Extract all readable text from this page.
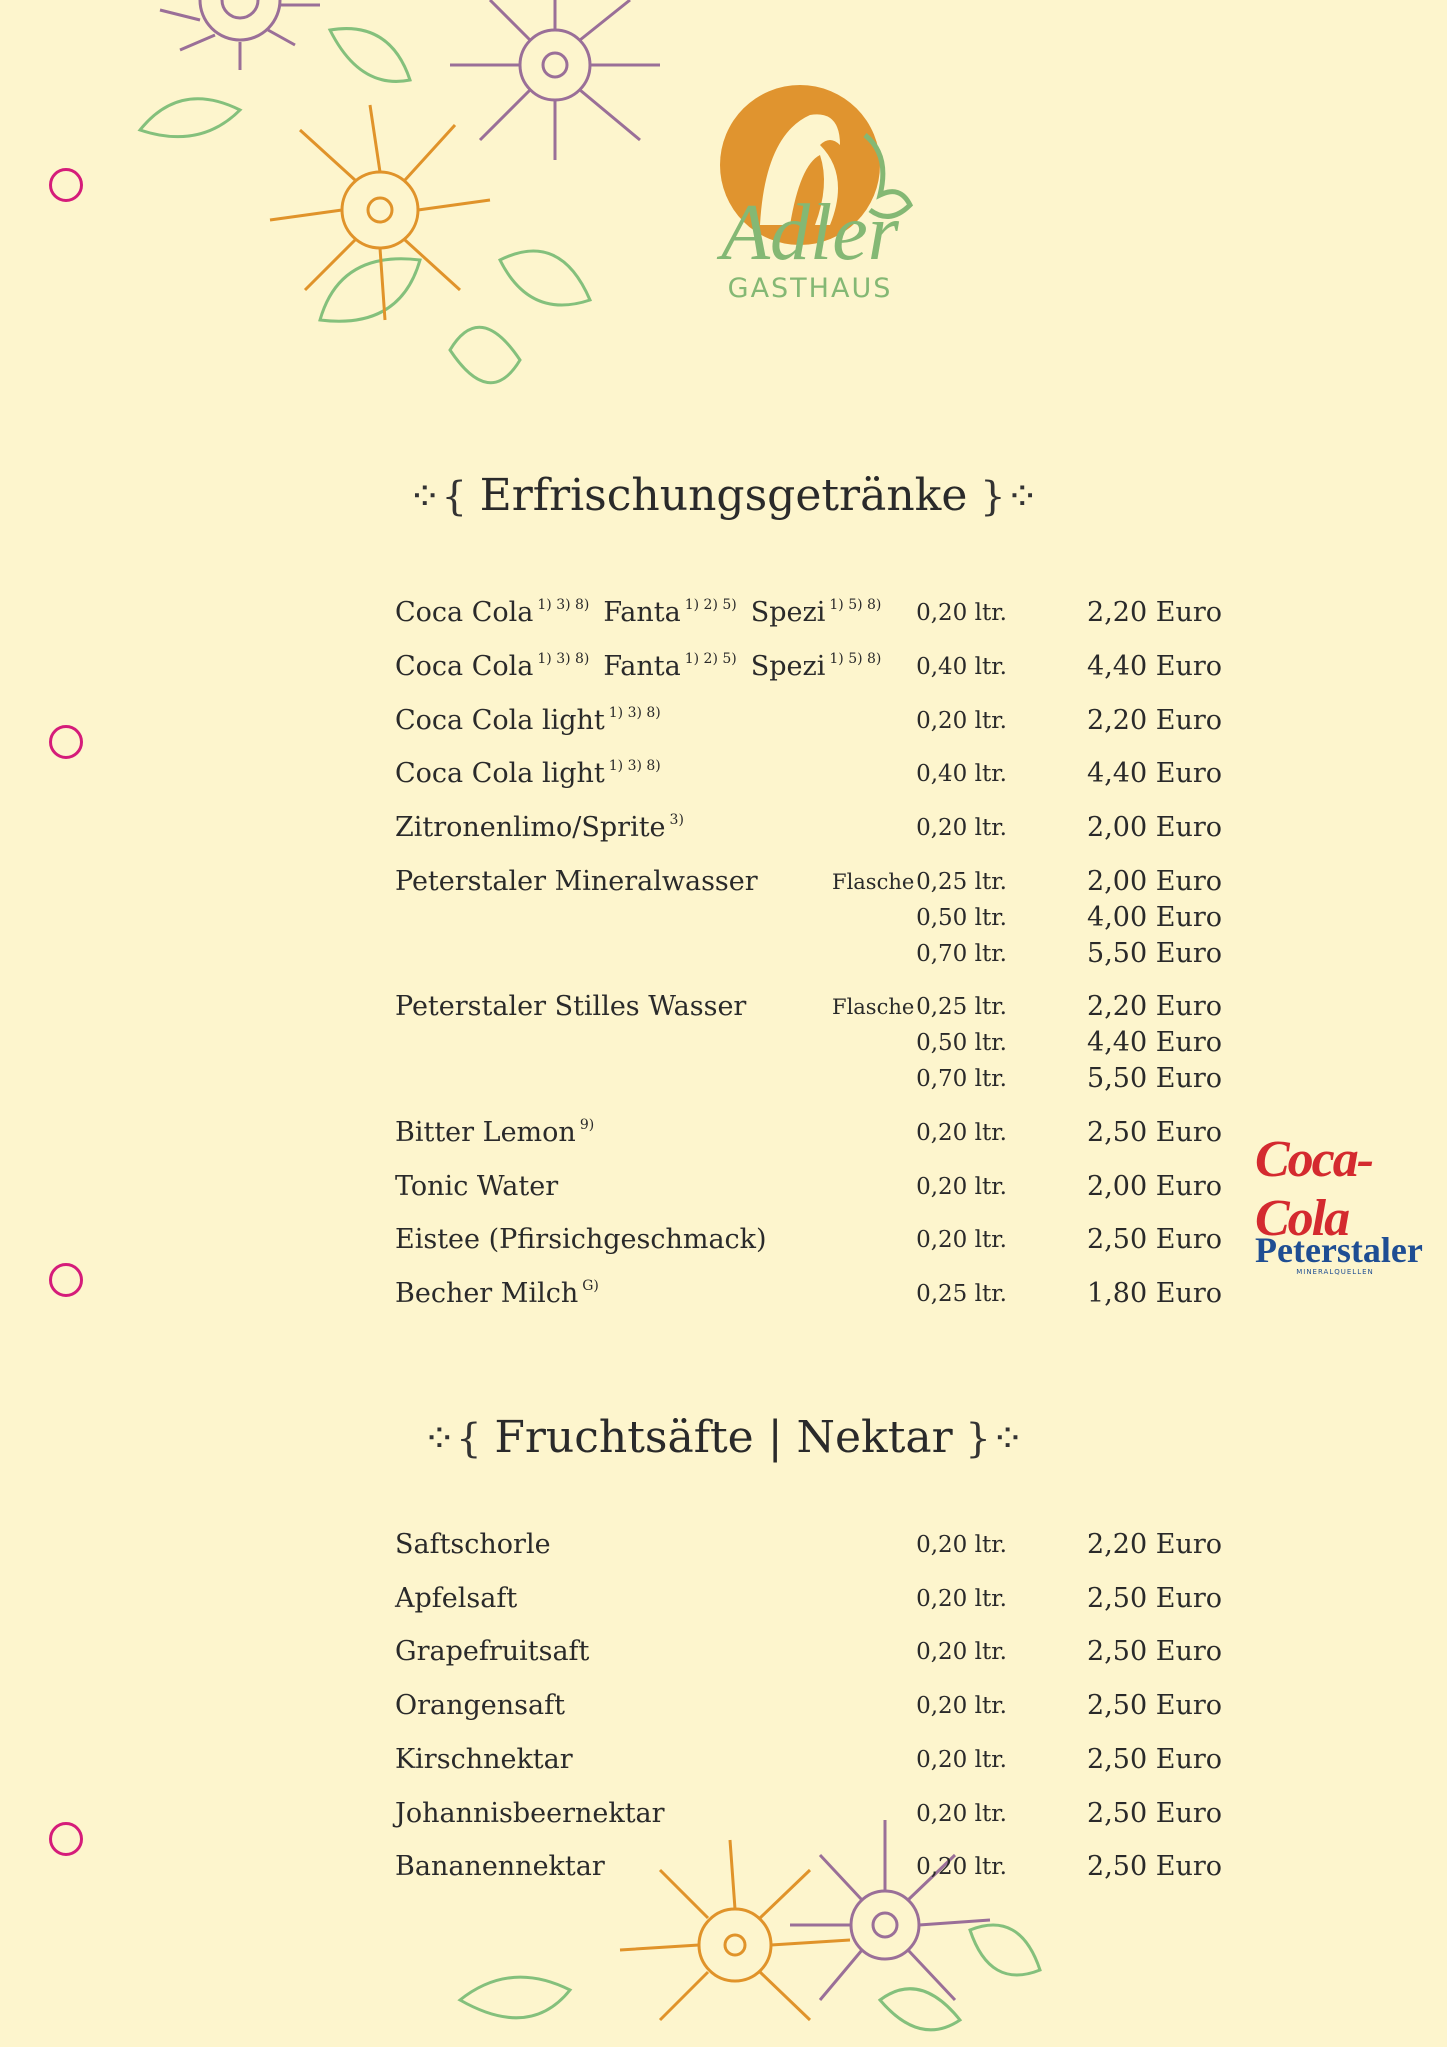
Adler
GASTHAUS
⁘{ Erfrischungsgetränke }⁘
Coca Cola $^{1) 3) 8)}$ Fanta $^{1) 2) 5)}$ Spezi $^{1) 5) 8)}$ 0,20 ltr.	2,20 Euro
Coca Cola $^{1) 3) 8)}$ Fanta $^{1) 2) 5)}$ Spezi $^{1) 5) 8)}$ 0,40 ltr.	4,40 Euro
Coca Cola light $^{1) 3) 8)}$	0,20 ltr.	2,20 Euro
Coca Cola light $^{1) 3) 8)}$	0,40 ltr.	4,40 Euro
Zitronenlimo/Sprite $^{3)}$	0,20 ltr.	2,00 Euro
Peterstaler Mineralwasser	Flasche 0,25 ltr.	2,00 Euro
0,50 ltr.	4,00 Euro
0,70 ltr.	5,50 Euro
Peterstaler Stilles Wasser	Flasche 0,25 ltr.	2,20 Euro
0,50 ltr.	4,40 Euro
0,70 ltr.	5,50 Euro
Bitter Lemon $^{9)}$	0,20 ltr.	2,50 Euro
Tonic Water	0,20 ltr.	2,00 Euro
Eistee (Pfirsichgeschmack)	0,20 ltr.	2,50 Euro
Becher Milch $^{G)}$	0,25 ltr.	1,80 Euro
⁘{ Fruchtsäfte | Nektar }⁘
Saftschorle	0,20 ltr.	2,20 Euro
Apfelsaft	0,20 ltr.	2,50 Euro
Grapefruitsaft	0,20 ltr.	2,50 Euro
Orangensaft	0,20 ltr.	2,50 Euro
Kirschnektar	0,20 ltr.	2,50 Euro
Johannisbeernektar	0,20 ltr.	2,50 Euro
Bananennektar	0,20 ltr.	2,50 Euro
Coca-Cola
Peterstaler
MINERALQUELLEN
